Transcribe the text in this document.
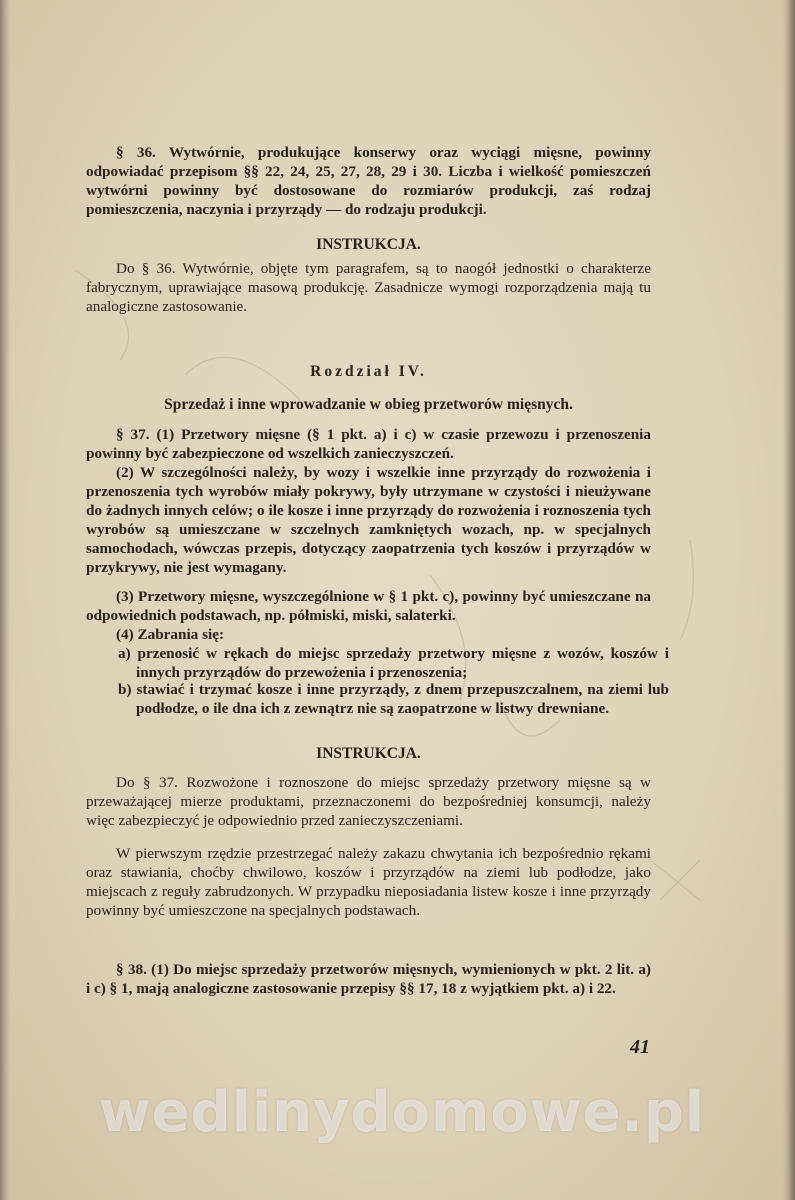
§ 36. Wytwórnie, produkujące konserwy oraz wyciągi mięsne, powinny odpowiadać przepisom §§ 22, 24, 25, 27, 28, 29 i 30. Liczba i wielkość pomieszczeń wytwórni powinny być dostosowane do rozmiarów produkcji, zaś rodzaj pomieszczenia, naczynia i przyrządy — do rodzaju produkcji.

INSTRUKCJA.

Do § 36. Wytwórnie, objęte tym paragrafem, są to naogół jednostki o charakterze fabrycznym, uprawiające masową produkcję. Zasadnicze wymogi rozporządzenia mają tu analogiczne zastosowanie.

Rozdział IV.

Sprzedaż i inne wprowadzanie w obieg przetworów mięsnych.

§ 37. (1) Przetwory mięsne (§ 1 pkt. a) i c) w czasie przewozu i przenoszenia powinny być zabezpieczone od wszelkich zanieczyszczeń.

(2) W szczególności należy, by wozy i wszelkie inne przyrządy do rozwożenia i przenoszenia tych wyrobów miały pokrywy, były utrzymane w czystości i nieużywane do żadnych innych celów; o ile kosze i inne przyrządy do rozwożenia i roznoszenia tych wyrobów są umieszczane w szczelnych zamkniętych wozach, np. w specjalnych samochodach, wówczas przepis, dotyczący zaopatrzenia tych koszów i przyrządów w przykrywy, nie jest wymagany.

(3) Przetwory mięsne, wyszczególnione w § 1 pkt. c), powinny być umieszczane na odpowiednich podstawach, np. półmiski, miski, salaterki.

(4) Zabrania się:

a) przenosić w rękach do miejsc sprzedaży przetwory mięsne z wozów, koszów i innych przyrządów do przewożenia i przenoszenia;

b) stawiać i trzymać kosze i inne przyrządy, z dnem przepuszczalnem, na ziemi lub podłodze, o ile dna ich z zewnątrz nie są zaopatrzone w listwy drewniane.

INSTRUKCJA.

Do § 37. Rozwożone i roznoszone do miejsc sprzedaży przetwory mięsne są w przeważającej mierze produktami, przeznaczonemi do bezpośredniej konsumcji, należy więc zabezpieczyć je odpowiednio przed zanieczyszczeniami.

W pierwszym rzędzie przestrzegać należy zakazu chwytania ich bezpośrednio rękami oraz stawiania, choćby chwilowo, koszów i przyrządów na ziemi lub podłodze, jako miejscach z reguły zabrudzonych. W przypadku nieposiadania listew kosze i inne przyrządy powinny być umieszczone na specjalnych podstawach.

§ 38. (1) Do miejsc sprzedaży przetworów mięsnych, wymienionych w pkt. 2 lit. a) i c) § 1, mają analogiczne zastosowanie przepisy §§ 17, 18 z wyjątkiem pkt. a) i 22.

41
wedlinydomowe.pl
